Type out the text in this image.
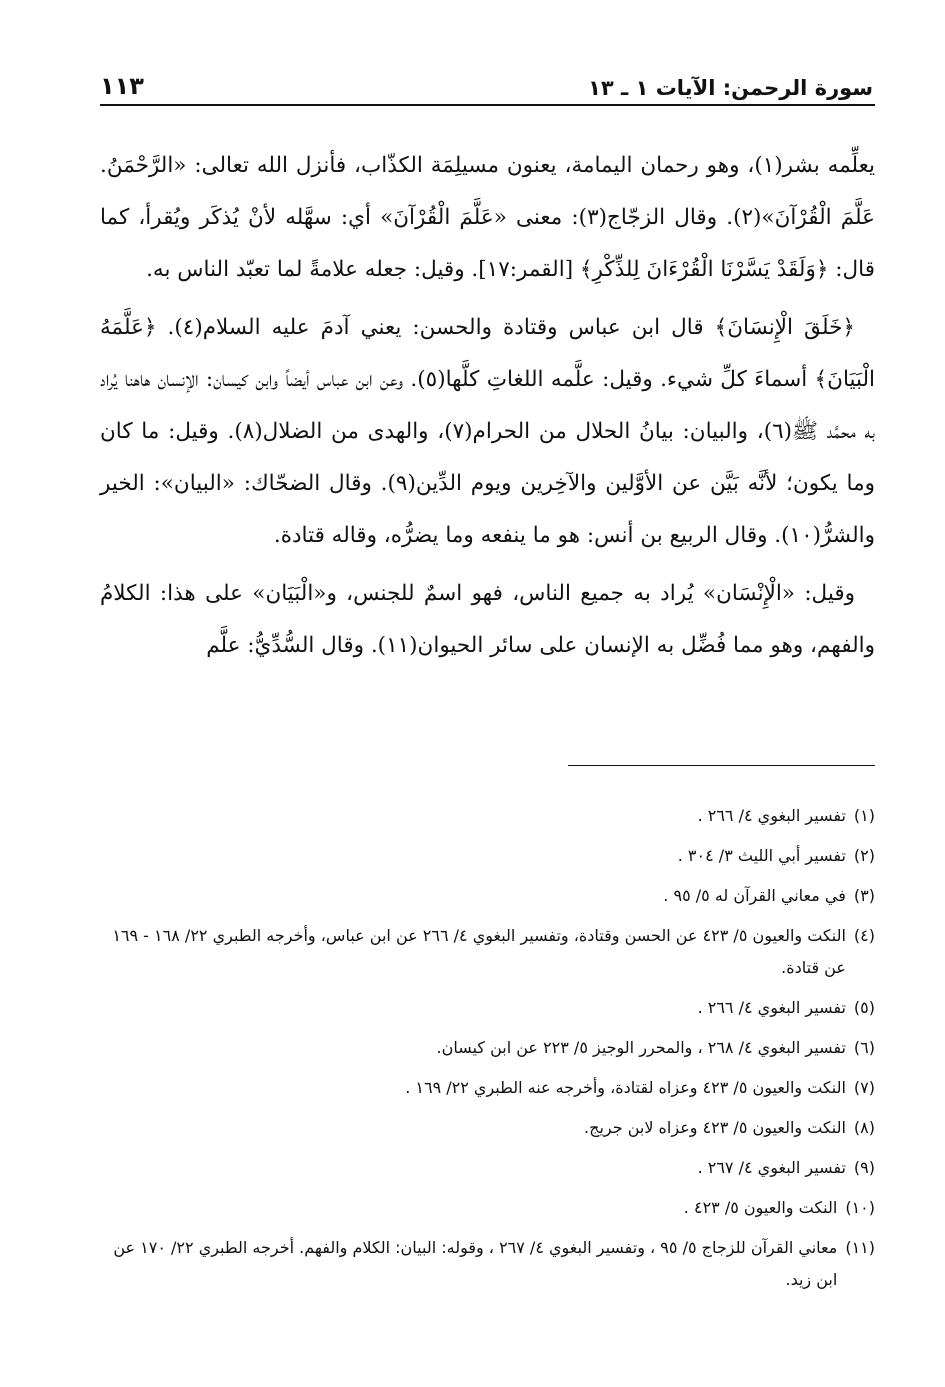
سورة الرحمن: الآيات ١ ـ ١٣
١١٣

يعلِّمه بشر(١)، وهو رحمان اليمامة، يعنون مسيلِمَة الكذّاب، فأنزل الله تعالى: «الرَّحْمَنُ. عَلَّمَ الْقُرْآنَ»(٢). وقال الزجّاج(٣): معنى «عَلَّمَ الْقُرْآنَ» أي: سهَّله لأنْ يُذكَر ويُقرأ، كما قال: ﴿وَلَقَدْ يَسَّرْنَا الْقُرْءَانَ لِلذِّكْرِ﴾ [القمر:١٧]. وقيل: جعله علامةً لما تعبّد الناس به.

﴿خَلَقَ الْإِنسَانَ﴾ قال ابن عباس وقتادة والحسن: يعني آدمَ عليه السلام(٤). ﴿عَلَّمَهُ الْبَيَانَ﴾ أسماءَ كلِّ شيء. وقيل: علَّمه اللغاتِ كلَّها(٥). وعن ابن عباس أيضاً وابن كيسان: الإنسان هاهنا يُراد به محمَّد ﷺ(٦)، والبيان: بيانُ الحلال من الحرام(٧)، والهدى من الضلال(٨). وقيل: ما كان وما يكون؛ لأنَّه بَيَّن عن الأوَّلين والآخِرين ويوم الدِّين(٩). وقال الضحّاك: «البيان»: الخير والشرُّ(١٠). وقال الربيع بن أنس: هو ما ينفعه وما يضرُّه، وقاله قتادة.

وقيل: «الْإِنْسَان» يُراد به جميع الناس، فهو اسمٌ للجنس، و«الْبَيَان» على هذا: الكلامُ والفهم، وهو مما فُضِّل به الإنسان على سائر الحيوان(١١). وقال السُّدِّيُّ: علَّم

(١)
تفسير البغوي ٤/ ٢٦٦ .
(٢)
تفسير أبي الليث ٣/ ٣٠٤ .
(٣)
في معاني القرآن له ٥/ ٩٥ .
(٤)
النكت والعيون ٥/ ٤٢٣ عن الحسن وقتادة، وتفسير البغوي ٤/ ٢٦٦ عن ابن عباس، وأخرجه الطبري ٢٢/ ١٦٨ - ١٦٩ عن قتادة.
(٥)
تفسير البغوي ٤/ ٢٦٦ .
(٦)
تفسير البغوي ٤/ ٢٦٨ ، والمحرر الوجيز ٥/ ٢٢٣ عن ابن كيسان.
(٧)
النكت والعيون ٥/ ٤٢٣ وعزاه لقتادة، وأخرجه عنه الطبري ٢٢/ ١٦٩ .
(٨)
النكت والعيون ٥/ ٤٢٣ وعزاه لابن جريج.
(٩)
تفسير البغوي ٤/ ٢٦٧ .
(١٠)
النكت والعيون ٥/ ٤٢٣ .
(١١)
معاني القرآن للزجاج ٥/ ٩٥ ، وتفسير البغوي ٤/ ٢٦٧ ، وقوله: البيان: الكلام والفهم. أخرجه الطبري ٢٢/ ١٧٠ عن ابن زيد.
